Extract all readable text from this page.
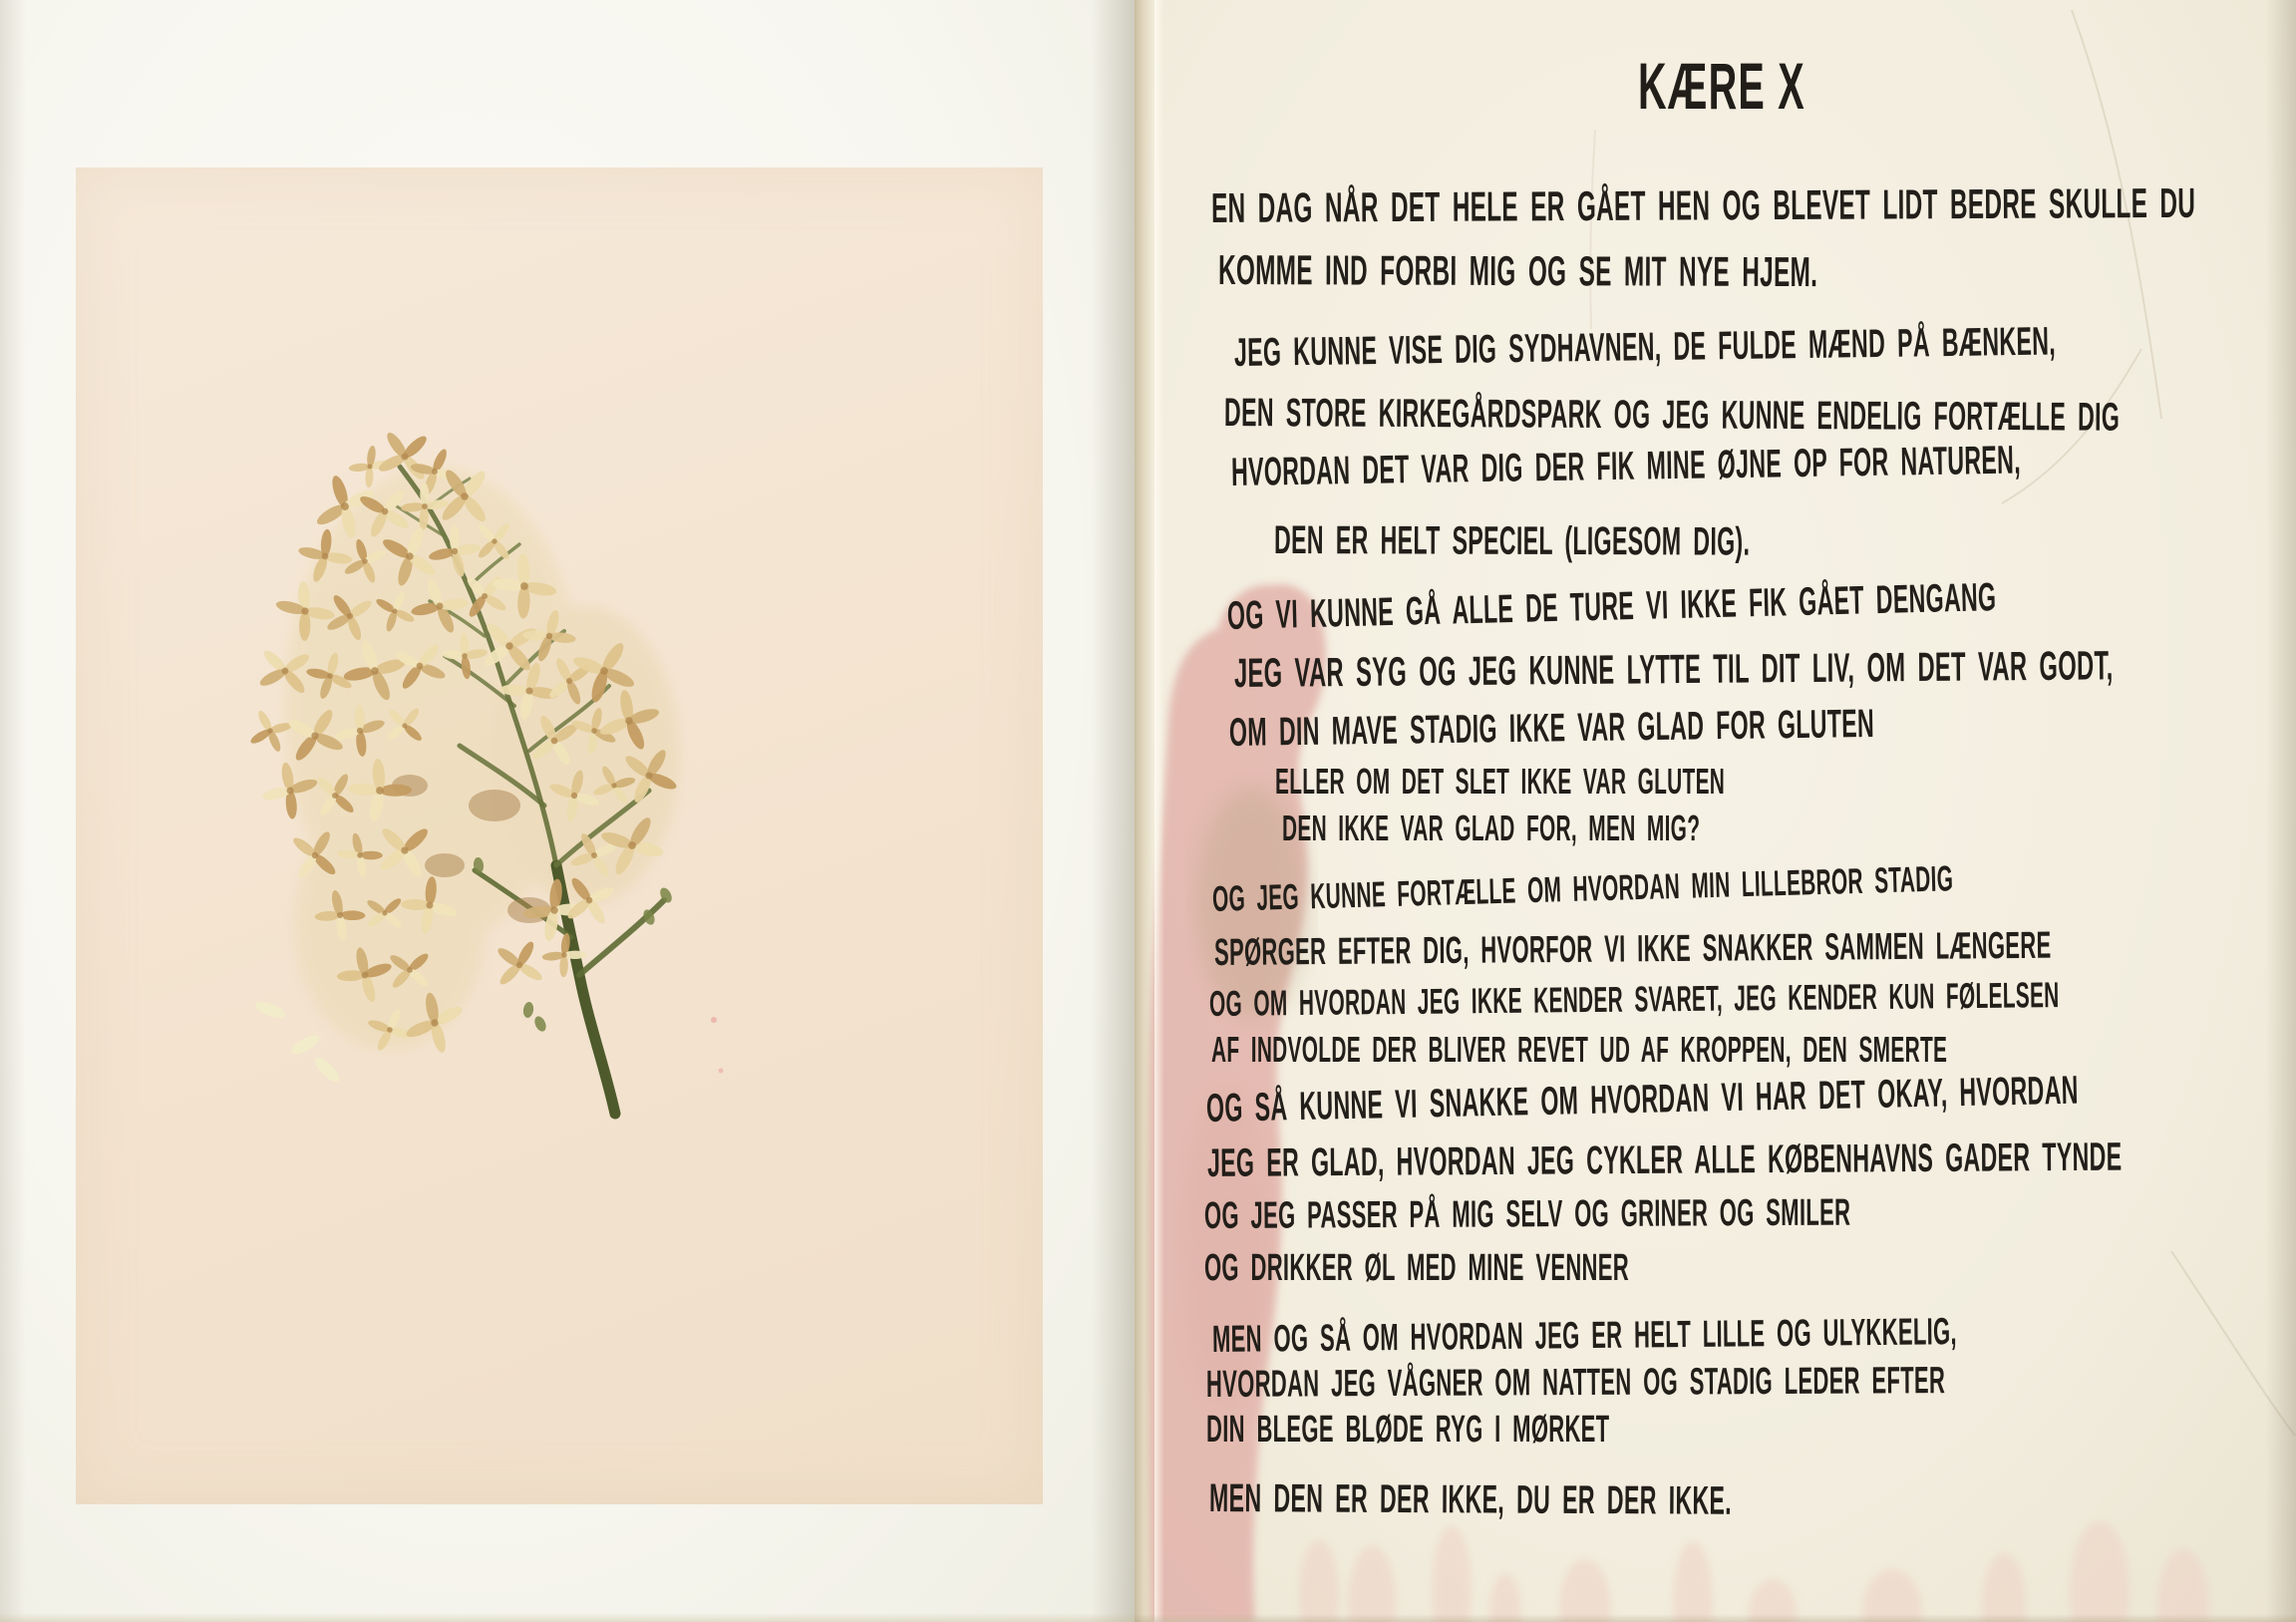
KÆRE X
EN DAG NÅR DET HELE ER GÅET HEN OG BLEVET LIDT BEDRE SKULLE DU
KOMME IND FORBI MIG OG SE MIT NYE HJEM.
JEG KUNNE VISE DIG SYDHAVNEN, DE FULDE MÆND PÅ BÆNKEN,
DEN STORE KIRKEGÅRDSPARK OG JEG KUNNE ENDELIG FORTÆLLE DIG
HVORDAN DET VAR DIG DER FIK MINE ØJNE OP FOR NATUREN,
DEN ER HELT SPECIEL (LIGESOM DIG).
OG VI KUNNE GÅ ALLE DE TURE VI IKKE FIK GÅET DENGANG
JEG VAR SYG OG JEG KUNNE LYTTE TIL DIT LIV, OM DET VAR GODT,
OM DIN MAVE STADIG IKKE VAR GLAD FOR GLUTEN
ELLER OM DET SLET IKKE VAR GLUTEN
DEN IKKE VAR GLAD FOR, MEN MIG?
OG JEG KUNNE FORTÆLLE OM HVORDAN MIN LILLEBROR STADIG
SPØRGER EFTER DIG, HVORFOR VI IKKE SNAKKER SAMMEN LÆNGERE
OG OM HVORDAN JEG IKKE KENDER SVARET, JEG KENDER KUN FØLELSEN
AF INDVOLDE DER BLIVER REVET UD AF KROPPEN, DEN SMERTE
OG SÅ KUNNE VI SNAKKE OM HVORDAN VI HAR DET OKAY, HVORDAN
JEG ER GLAD, HVORDAN JEG CYKLER ALLE KØBENHAVNS GADER TYNDE
OG JEG PASSER PÅ MIG SELV OG GRINER OG SMILER
OG DRIKKER ØL MED MINE VENNER
MEN OG SÅ OM HVORDAN JEG ER HELT LILLE OG ULYKKELIG,
HVORDAN JEG VÅGNER OM NATTEN OG STADIG LEDER EFTER
DIN BLEGE BLØDE RYG I MØRKET
MEN DEN ER DER IKKE, DU ER DER IKKE.
